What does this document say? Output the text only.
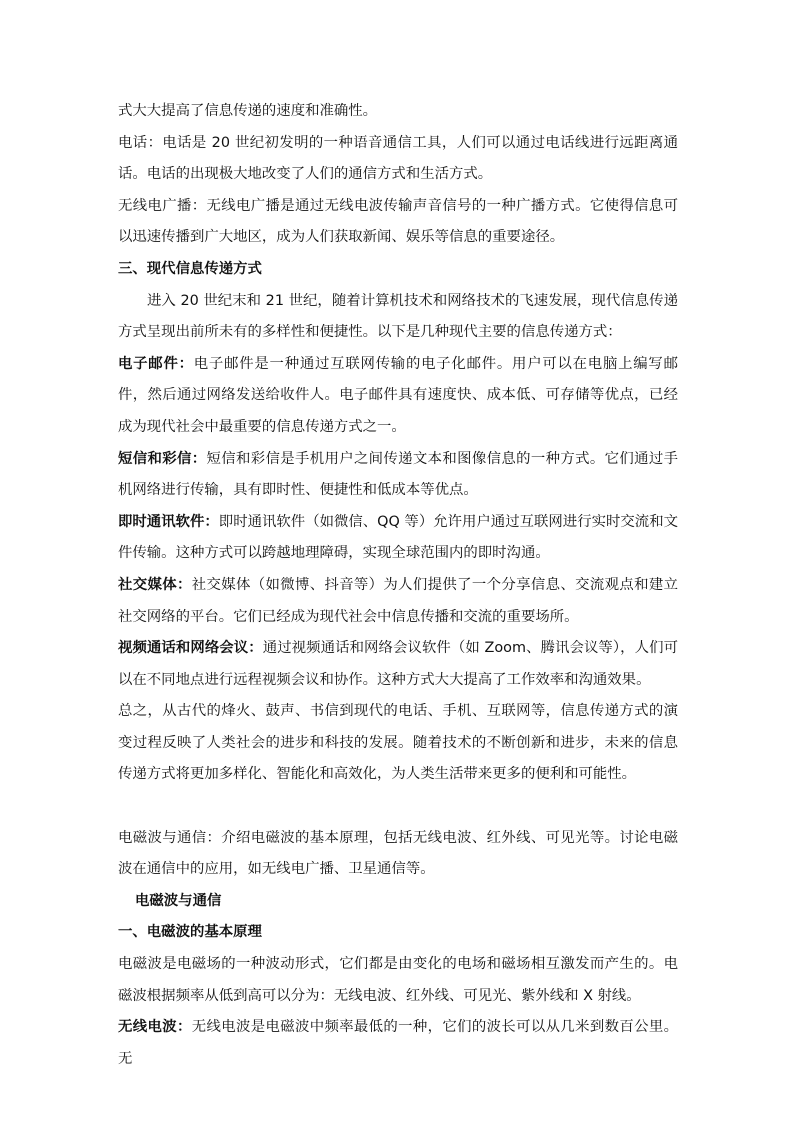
式大大提高了信息传递的速度和准确性。

电话：电话是 20 世纪初发明的一种语音通信工具，人们可以通过电话线进行远距离通话。电话的出现极大地改变了人们的通信方式和生活方式。

无线电广播：无线电广播是通过无线电波传输声音信号的一种广播方式。它使得信息可以迅速传播到广大地区，成为人们获取新闻、娱乐等信息的重要途径。

三、现代信息传递方式

进入 20 世纪末和 21 世纪，随着计算机技术和网络技术的飞速发展，现代信息传递方式呈现出前所未有的多样性和便捷性。以下是几种现代主要的信息传递方式：

电子邮件：电子邮件是一种通过互联网传输的电子化邮件。用户可以在电脑上编写邮件，然后通过网络发送给收件人。电子邮件具有速度快、成本低、可存储等优点，已经成为现代社会中最重要的信息传递方式之一。

短信和彩信：短信和彩信是手机用户之间传递文本和图像信息的一种方式。它们通过手机网络进行传输，具有即时性、便捷性和低成本等优点。

即时通讯软件：即时通讯软件（如微信、QQ 等）允许用户通过互联网进行实时交流和文件传输。这种方式可以跨越地理障碍，实现全球范围内的即时沟通。

社交媒体：社交媒体（如微博、抖音等）为人们提供了一个分享信息、交流观点和建立社交网络的平台。它们已经成为现代社会中信息传播和交流的重要场所。

视频通话和网络会议：通过视频通话和网络会议软件（如 Zoom、腾讯会议等），人们可以在不同地点进行远程视频会议和协作。这种方式大大提高了工作效率和沟通效果。

总之，从古代的烽火、鼓声、书信到现代的电话、手机、互联网等，信息传递方式的演变过程反映了人类社会的进步和科技的发展。随着技术的不断创新和进步，未来的信息传递方式将更加多样化、智能化和高效化，为人类生活带来更多的便利和可能性。

电磁波与通信：介绍电磁波的基本原理，包括无线电波、红外线、可见光等。讨论电磁波在通信中的应用，如无线电广播、卫星通信等。

电磁波与通信

一、电磁波的基本原理

电磁波是电磁场的一种波动形式，它们都是由变化的电场和磁场相互激发而产生的。电磁波根据频率从低到高可以分为：无线电波、红外线、可见光、紫外线和 X 射线。

无线电波：无线电波是电磁波中频率最低的一种，它们的波长可以从几米到数百公里。无
